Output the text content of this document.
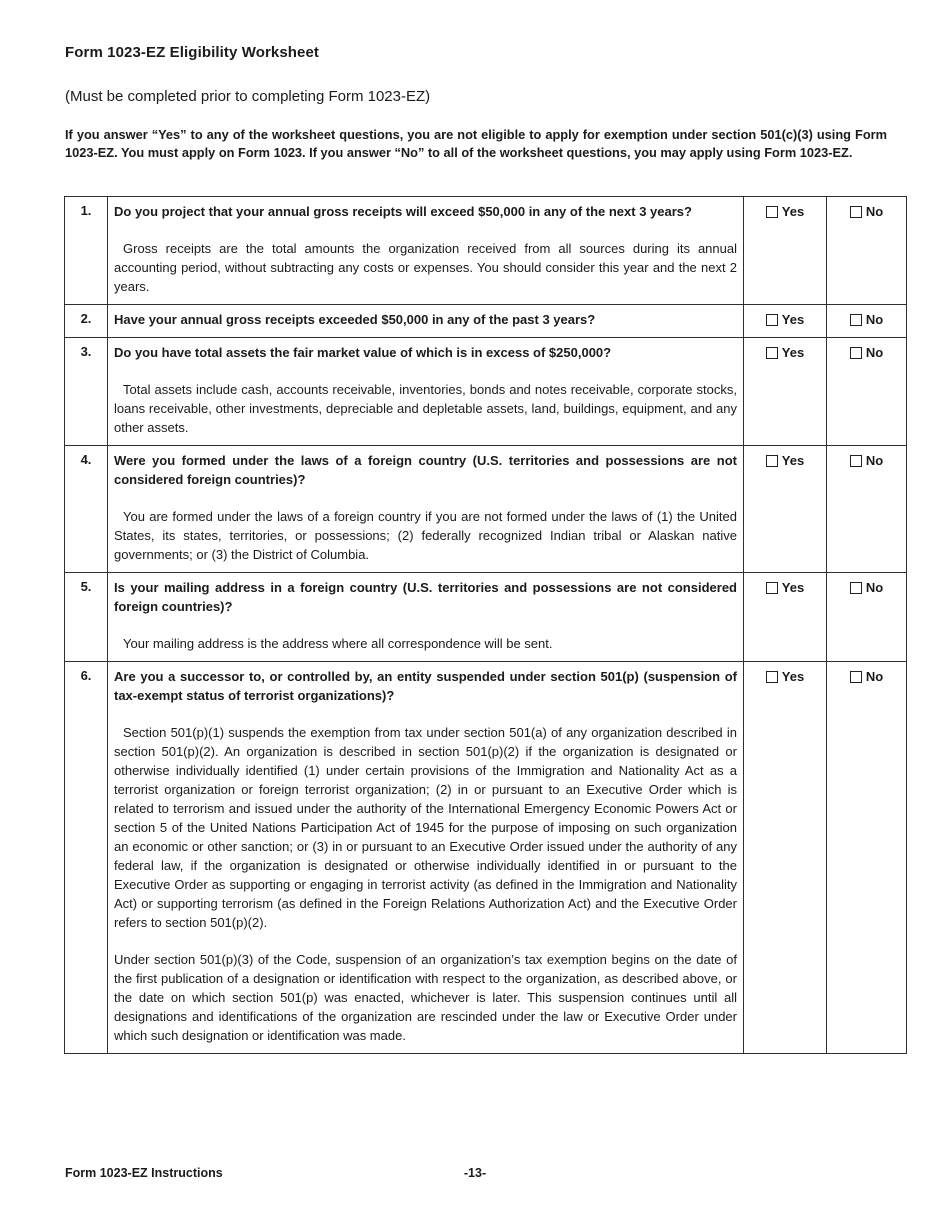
Form 1023-EZ Eligibility Worksheet
(Must be completed prior to completing Form 1023-EZ)
If you answer “Yes” to any of the worksheet questions, you are not eligible to apply for exemption under section 501(c)(3) using Form 1023-EZ. You must apply on Form 1023. If you answer “No” to all of the worksheet questions, you may apply using Form 1023-EZ.
1.	Do you project that your annual gross receipts will exceed $50,000 in any of the next 3 years?

Gross receipts are the total amounts the organization received from all sources during its annual accounting period, without subtracting any costs or expenses. You should consider this year and the next 2 years.	Yes	No

2.	Have your annual gross receipts exceeded $50,000 in any of the past 3 years?	Yes	No

3.	Do you have total assets the fair market value of which is in excess of $250,000?

Total assets include cash, accounts receivable, inventories, bonds and notes receivable, corporate stocks, loans receivable, other investments, depreciable and depletable assets, land, buildings, equipment, and any other assets.	Yes	No

4.	Were you formed under the laws of a foreign country (U.S. territories and possessions are not considered foreign countries)?

You are formed under the laws of a foreign country if you are not formed under the laws of (1) the United States, its states, territories, or possessions; (2) federally recognized Indian tribal or Alaskan native governments; or (3) the District of Columbia.	Yes	No

5.	Is your mailing address in a foreign country (U.S. territories and possessions are not considered foreign countries)?

Your mailing address is the address where all correspondence will be sent.	Yes	No

6.	Are you a successor to, or controlled by, an entity suspended under section 501(p) (suspension of tax-exempt status of terrorist organizations)?

Section 501(p)(1) suspends the exemption from tax under section 501(a) of any organization described in section 501(p)(2). An organization is described in section 501(p)(2) if the organization is designated or otherwise individually identified (1) under certain provisions of the Immigration and Nationality Act as a terrorist organization or foreign terrorist organization; (2) in or pursuant to an Executive Order which is related to terrorism and issued under the authority of the International Emergency Economic Powers Act or section 5 of the United Nations Participation Act of 1945 for the purpose of imposing on such organization an economic or other sanction; or (3) in or pursuant to an Executive Order issued under the authority of any federal law, if the organization is designated or otherwise individually identified in or pursuant to the Executive Order as supporting or engaging in terrorist activity (as defined in the Immigration and Nationality Act) or supporting terrorism (as defined in the Foreign Relations Authorization Act) and the Executive Order refers to section 501(p)(2).

Under section 501(p)(3) of the Code, suspension of an organization’s tax exemption begins on the date of the first publication of a designation or identification with respect to the organization, as described above, or the date on which section 501(p) was enacted, whichever is later. This suspension continues until all designations and identifications of the organization are rescinded under the law or Executive Order under which such designation or identification was made.	Yes	No
Form 1023-EZ Instructions	-13-
